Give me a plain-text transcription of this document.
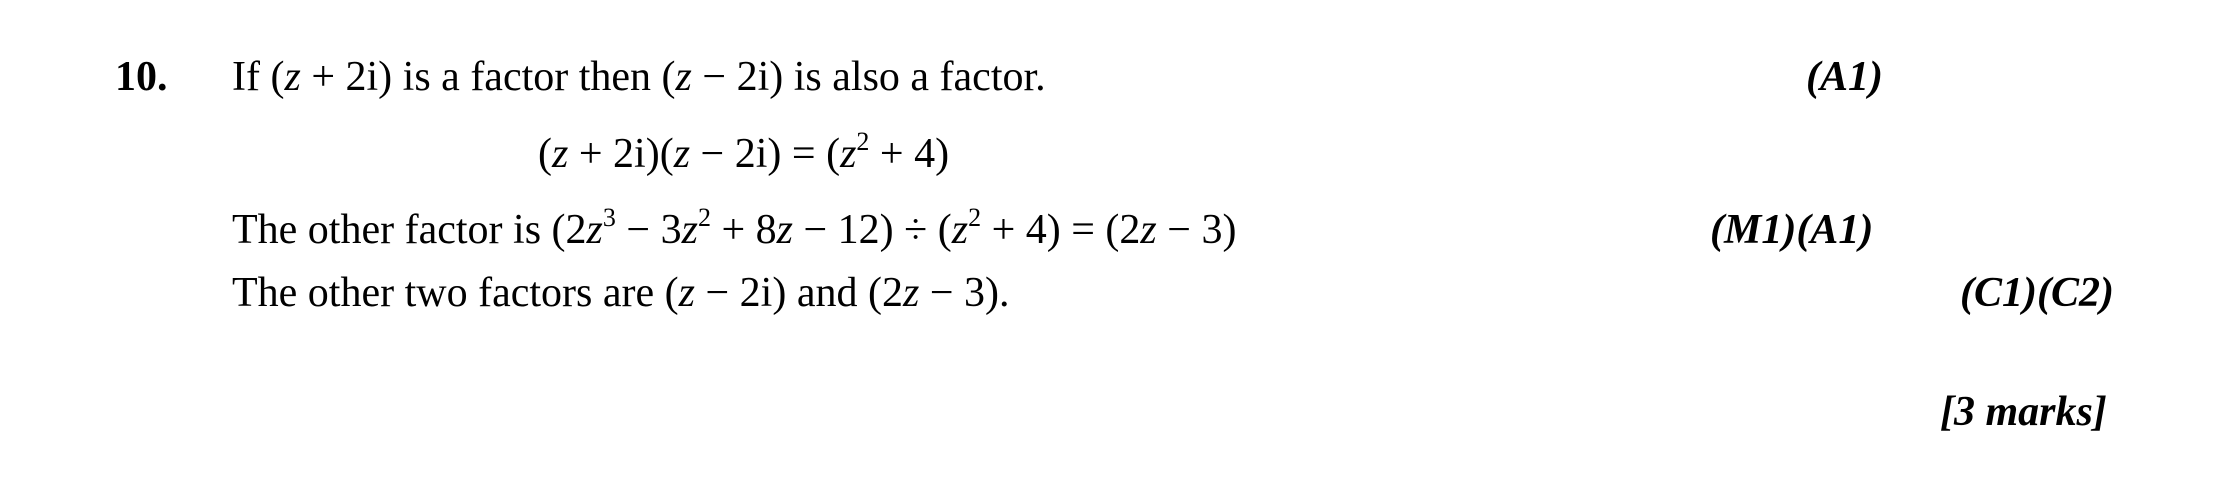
10. If (z + 2i) is a factor then (z − 2i) is also a factor.	(A1)
$(z + 2i)(z - 2i) = (z^2 + 4)$
The other factor is $(2z^3 - 3z^2 + 8z - 12) \div (z^2 + 4) = (2z - 3)$	(M1)(A1)
The other two factors are (z − 2i) and (2z − 3).	(C1)(C2)
[3 marks]
